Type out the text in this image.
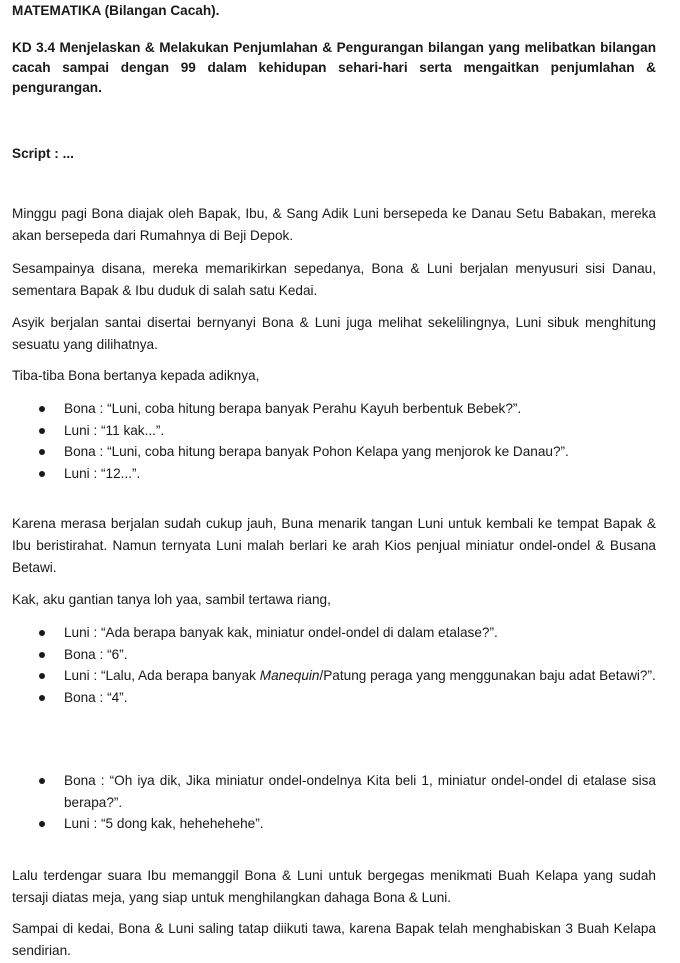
MATEMATIKA (Bilangan Cacah).
KD 3.4 Menjelaskan & Melakukan Penjumlahan & Pengurangan bilangan yang melibatkan bilangan cacah sampai dengan 99 dalam kehidupan sehari-hari serta mengaitkan penjumlahan & pengurangan.
Script : ...
Minggu pagi Bona diajak oleh Bapak, Ibu, & Sang Adik Luni bersepeda ke Danau Setu Babakan, mereka akan bersepeda dari Rumahnya di Beji Depok.
Sesampainya disana, mereka memarikirkan sepedanya, Bona & Luni berjalan menyusuri sisi Danau, sementara Bapak & Ibu duduk di salah satu Kedai.
Asyik berjalan santai disertai bernyanyi Bona & Luni juga melihat sekelilingnya, Luni sibuk menghitung sesuatu yang dilihatnya.
Tiba-tiba Bona bertanya kepada adiknya,
Bona : “Luni, coba hitung berapa banyak Perahu Kayuh berbentuk Bebek?”.
Luni : “11 kak...”.
Bona : “Luni, coba hitung berapa banyak Pohon Kelapa yang menjorok ke Danau?”.
Luni : “12...”.
Karena merasa berjalan sudah cukup jauh, Buna menarik tangan Luni untuk kembali ke tempat Bapak & Ibu beristirahat. Namun ternyata Luni malah berlari ke arah Kios penjual miniatur ondel-ondel & Busana Betawi.
Kak, aku gantian tanya loh yaa, sambil tertawa riang,
Luni : “Ada berapa banyak kak, miniatur ondel-ondel di dalam etalase?”.
Bona : “6”.
Luni : “Lalu, Ada berapa banyak Manequin/Patung peraga yang menggunakan baju adat Betawi?”.
Bona : “4”.
Bona : “Oh iya dik, Jika miniatur ondel-ondelnya Kita beli 1, miniatur ondel-ondel di etalase sisa berapa?”.
Luni : “5 dong kak, hehehehehe”.
Lalu terdengar suara Ibu memanggil Bona & Luni untuk bergegas menikmati Buah Kelapa yang sudah tersaji diatas meja, yang siap untuk menghilangkan dahaga Bona & Luni.
Sampai di kedai, Bona & Luni saling tatap diikuti tawa, karena Bapak telah menghabiskan 3 Buah Kelapa sendirian.
